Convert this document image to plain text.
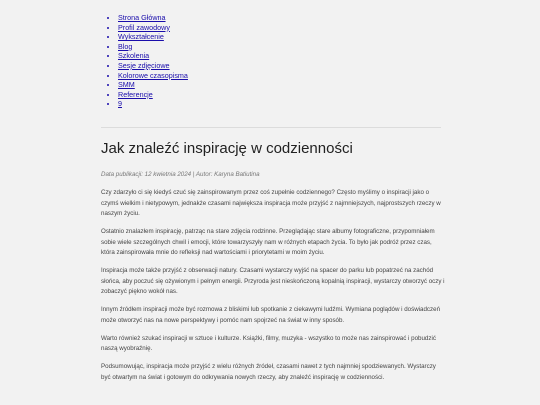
• Strona Główna
• Profil zawodowy
• Wykształcenie
• Blog
• Szkolenia
• Sesje zdjęciowe
• Kolorowe czasopisma
• SMM
• Referencje
• 9
Jak znaleźć inspirację w codzienności
Data publikacji: 12 kwietnia 2024 | Autor: Karyna Batiutina

Czy zdarzyło ci się kiedyś czuć się zainspirowanym przez coś zupełnie codziennego? Często myślimy o inspiracji jako o czymś wielkim i nietypowym, jednakże czasami największa inspiracja może przyjść z najmniejszych, najprostszych rzeczy w naszym życiu.

Ostatnio znalazłem inspirację, patrząc na stare zdjęcia rodzinne. Przeglądając stare albumy fotograficzne, przypomniałem sobie wiele szczególnych chwil i emocji, które towarzyszyły nam w różnych etapach życia. To było jak podróż przez czas, która zainspirowała mnie do refleksji nad wartościami i priorytetami w moim życiu.

Inspiracja może także przyjść z obserwacji natury. Czasami wystarczy wyjść na spacer do parku lub popatrzeć na zachód słońca, aby poczuć się ożywionym i pełnym energii. Przyroda jest nieskończoną kopalnią inspiracji, wystarczy otworzyć oczy i zobaczyć piękno wokół nas.

Innym źródłem inspiracji może być rozmowa z bliskimi lub spotkanie z ciekawymi ludźmi. Wymiana poglądów i doświadczeń może otworzyć nas na nowe perspektywy i pomóc nam spojrzeć na świat w inny sposób.

Warto również szukać inspiracji w sztuce i kulturze. Książki, filmy, muzyka - wszystko to może nas zainspirować i pobudzić naszą wyobraźnię.

Podsumowując, inspiracja może przyjść z wielu różnych źródeł, czasami nawet z tych najmniej spodziewanych. Wystarczy być otwartym na świat i gotowym do odkrywania nowych rzeczy, aby znaleźć inspirację w codzienności.
